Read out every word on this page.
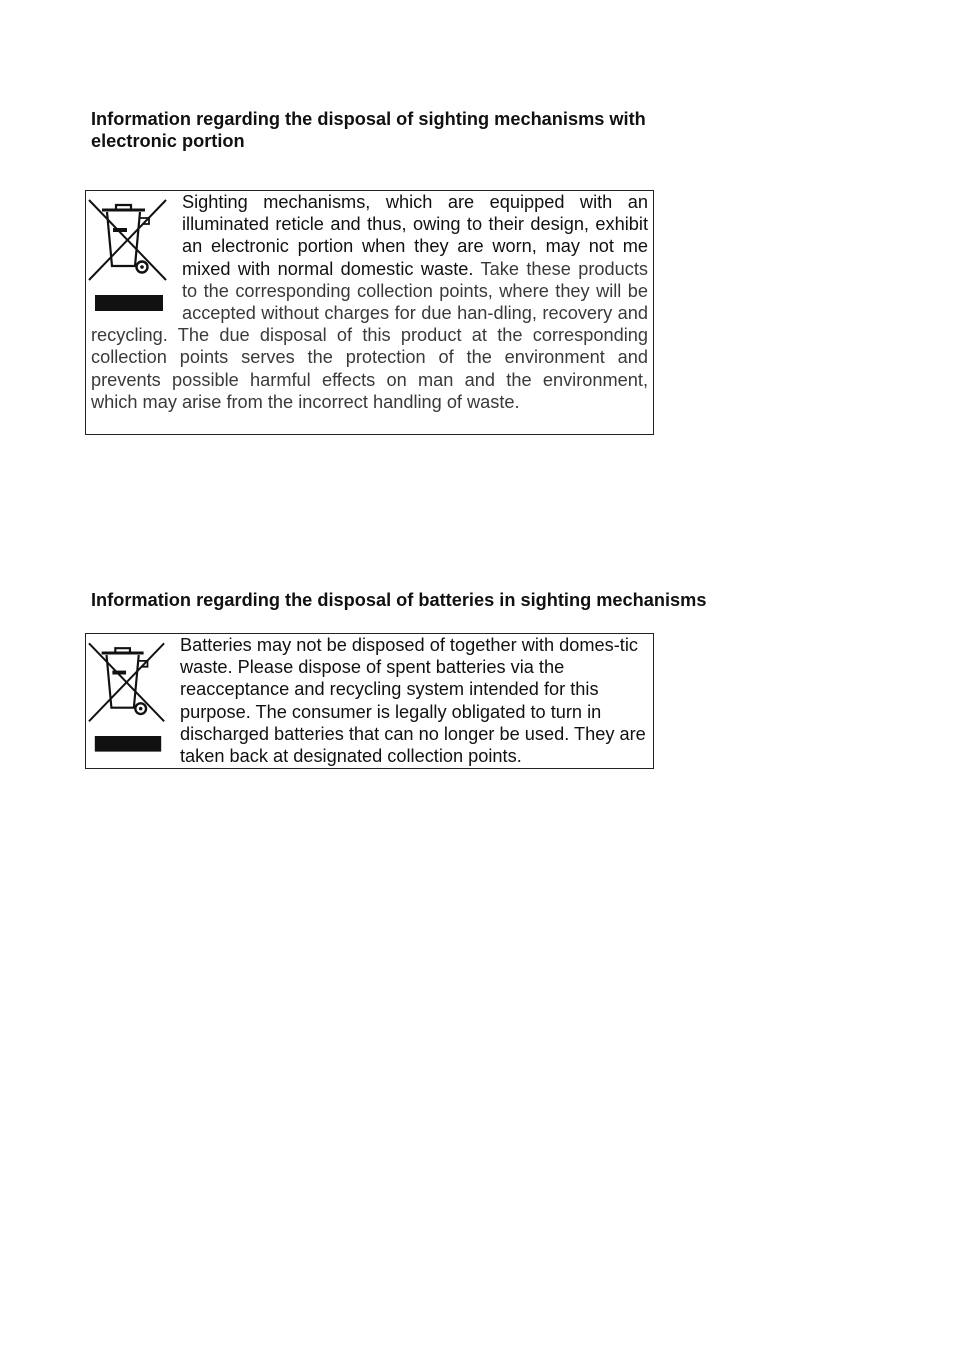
Information regarding the disposal of sighting mechanisms with electronic portion
Sighting mechanisms, which are equipped with an illuminated reticle and thus, owing to their design, exhibit an electronic portion when they are worn, may not me mixed with normal domestic waste. Take these products to the corresponding collection points, where they will be accepted without charges for due han-dling, recovery and recycling. The due disposal of this product at the corresponding collection points serves the protection of the environment and prevents possible harmful effects on man and the environment, which may arise from the incorrect handling of waste.
Information regarding the disposal of batteries in sighting mechanisms
Batteries may not be disposed of together with domes-tic waste. Please dispose of spent batteries via the reacceptance and recycling system intended for this purpose. The consumer is legally obligated to turn in discharged batteries that can no longer be used. They are taken back at designated collection points.
